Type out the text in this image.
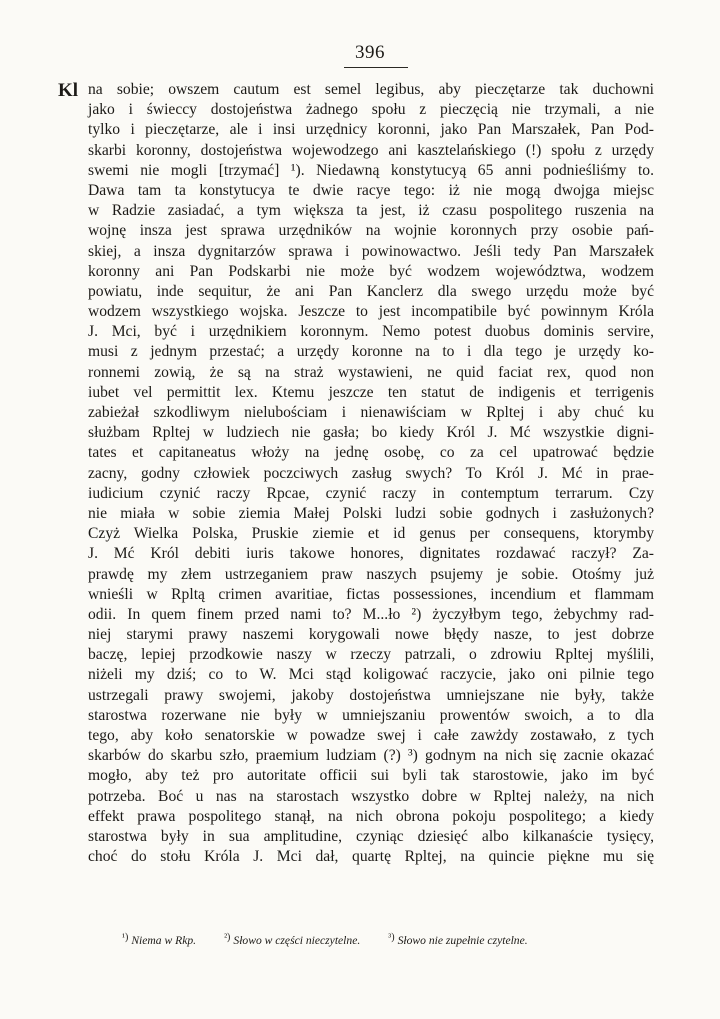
396
Kl na sobie; owszem cautum est semel legibus, aby pieczętarze tak duchowni
jako i świeccy dostojeństwa żadnego społu z pieczęcią nie trzymali, a nie
tylko i pieczętarze, ale i insi urzędnicy koronni, jako Pan Marszałek, Pan Pod-
skarbi koronny, dostojeństwa wojewodzego ani kasztelańskiego (!) społu z urzędy
swemi nie mogli [trzymać] ¹). Niedawną konstytucyą 65 anni podnieśliśmy to.
Dawa tam ta konstytucya te dwie racye tego: iż nie mogą dwojga miejsc
w Radzie zasiadać, a tym większa ta jest, iż czasu pospolitego ruszenia na
wojnę insza jest sprawa urzędników na wojnie koronnych przy osobie pań-
skiej, a insza dygnitarzów sprawa i powinowactwo. Jeśli tedy Pan Marszałek
koronny ani Pan Podskarbi nie może być wodzem województwa, wodzem
powiatu, inde sequitur, że ani Pan Kanclerz dla swego urzędu może być
wodzem wszystkiego wojska. Jeszcze to jest incompatibile być powinnym Króla
J. Mci, być i urzędnikiem koronnym. Nemo potest duobus dominis servire,
musi z jednym przestać; a urzędy koronne na to i dla tego je urzędy ko-
ronnemi zowią, że są na straż wystawieni, ne quid faciat rex, quod non
iubet vel permittit lex. Ktemu jeszcze ten statut de indigenis et terrigenis
zabieżał szkodliwym nielubościam i nienawiściam w Rpltej i aby chuć ku
służbam Rpltej w ludziech nie gasła; bo kiedy Król J. Mć wszystkie digni-
tates et capitaneatus włoży na jednę osobę, co za cel upatrować będzie
zacny, godny człowiek poczciwych zasług swych? To Król J. Mć in prae-
iudicium czynić raczy Rpcae, czynić raczy in contemptum terrarum. Czy
nie miała w sobie ziemia Małej Polski ludzi sobie godnych i zasłużonych?
Czyż Wielka Polska, Pruskie ziemie et id genus per consequens, ktorymby
J. Mć Król debiti iuris takowe honores, dignitates rozdawać raczył? Za-
prawdę my złem ustrzeganiem praw naszych psujemy je sobie. Otośmy już
wnieśli w Rpltą crimen avaritiae, fictas possessiones, incendium et flammam
odii. In quem finem przed nami to? M...ło ²) życzyłbym tego, żebychmy rad-
niej starymi prawy naszemi korygowali nowe błędy nasze, to jest dobrze
baczę, lepiej przodkowie naszy w rzeczy patrzali, o zdrowiu Rpltej myślili,
niżeli my dziś; co to W. Mci stąd koligować raczycie, jako oni pilnie tego
ustrzegali prawy swojemi, jakoby dostojeństwa umniejszane nie były, także
starostwa rozerwane nie były w umniejszaniu prowentów swoich, a to dla
tego, aby koło senatorskie w powadze swej i całe zawżdy zostawało, z tych
skarbów do skarbu szło, praemium ludziam (?) ³) godnym na nich się zacnie okazać
mogło, aby też pro autoritate officii sui byli tak starostowie, jako im być
potrzeba. Boć u nas na starostach wszystko dobre w Rpltej należy, na nich
effekt prawa pospolitego stanął, na nich obrona pokoju pospolitego; a kiedy
starostwa były in sua amplitudine, czyniąc dziesięć albo kilkanaście tysięcy,
choć do stołu Króla J. Mci dał, quartę Rpltej, na quincie piękne mu się
¹) Niema w Rkp.	²) Słowo w części nieczytelne.	³) Słowo nie zupełnie czytelne.
